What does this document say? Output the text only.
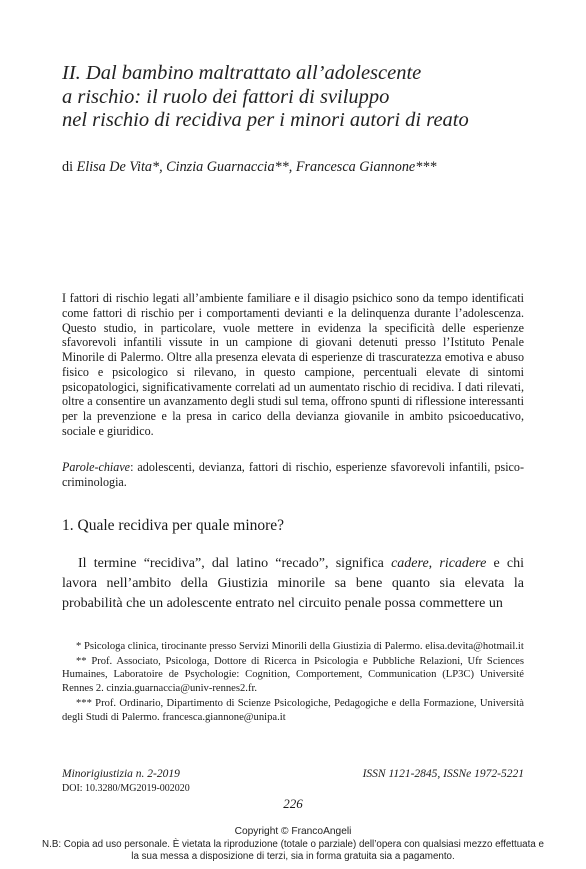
II. Dal bambino maltrattato all’adolescente
a rischio: il ruolo dei fattori di sviluppo
nel rischio di recidiva per i minori autori di reato
di Elisa De Vita*, Cinzia Guarnaccia**, Francesca Giannone***

I fattori di rischio legati all’ambiente familiare e il disagio psichico sono da tempo identificati come fattori di rischio per i comportamenti devianti e la delinquenza durante l’adolescenza. Questo studio, in particolare, vuole mettere in evidenza la specificità delle esperienze sfavorevoli infantili vissute in un campione di giovani detenuti presso l’Istituto Penale Minorile di Palermo. Oltre alla presenza elevata di esperienze di trascuratezza emotiva e abuso fisico e psicologico si rilevano, in questo campione, percentuali elevate di sintomi psicopatologici, significativamente correlati ad un aumentato rischio di recidiva. I dati rilevati, oltre a consentire un avanzamento degli studi sul tema, offrono spunti di riflessione interessanti per la prevenzione e la presa in carico della devianza giovanile in ambito psicoeducativo, sociale e giuridico.

Parole-chiave: adolescenti, devianza, fattori di rischio, esperienze sfavorevoli infantili, psico-criminologia.

1. Quale recidiva per quale minore?

Il termine “recidiva”, dal latino “recado”, significa cadere, ricadere e chi lavora nell’ambito della Giustizia minorile sa bene quanto sia elevata la probabilità che un adolescente entrato nel circuito penale possa commettere un

* Psicologa clinica, tirocinante presso Servizi Minorili della Giustizia di Palermo. elisa.devita@hotmail.it

** Prof. Associato, Psicologa, Dottore di Ricerca in Psicologia e Pubbliche Relazioni, Ufr Sciences Humaines, Laboratoire de Psychologie: Cognition, Comportement, Communication (LP3C) Université Rennes 2. cinzia.guarnaccia@univ-rennes2.fr.

*** Prof. Ordinario, Dipartimento di Scienze Psicologiche, Pedagogiche e della Formazione, Università degli Studi di Palermo. francesca.giannone@unipa.it

Minorigiustizia n. 2-2019
DOI: 10.3280/MG2019-002020
ISSN 1121-2845, ISSNe 1972-5221
226
Copyright © FrancoAngeli
N.B: Copia ad uso personale. È vietata la riproduzione (totale o parziale) dell’opera con qualsiasi mezzo effettuata e la sua messa a disposizione di terzi, sia in forma gratuita sia a pagamento.
